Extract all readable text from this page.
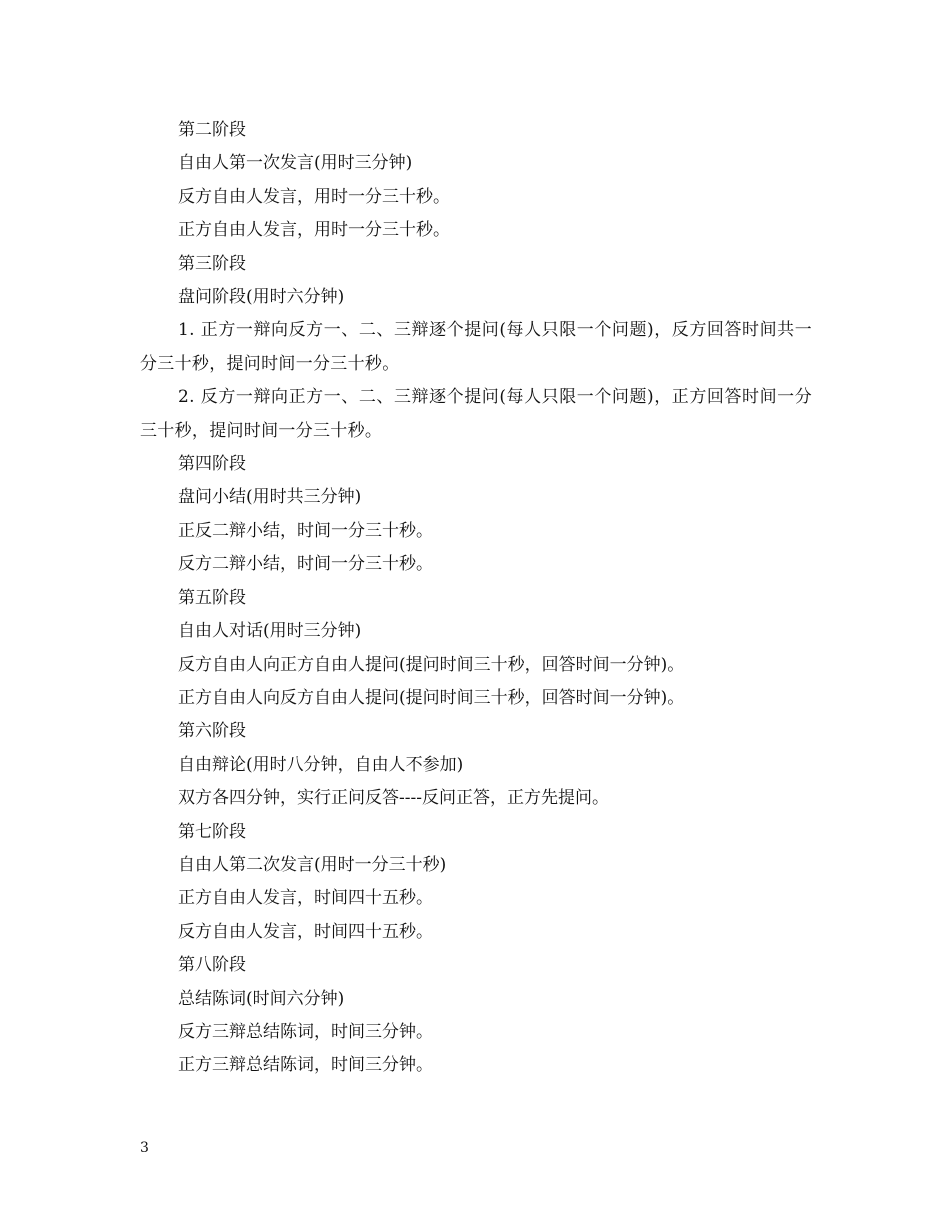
第二阶段
自由人第一次发言(用时三分钟)
反方自由人发言，用时一分三十秒。
正方自由人发言，用时一分三十秒。
第三阶段
盘问阶段(用时六分钟)
1. 正方一辩向反方一、二、三辩逐个提问(每人只限一个问题)，反方回答时间共一分三十秒，提问时间一分三十秒。
2. 反方一辩向正方一、二、三辩逐个提问(每人只限一个问题)，正方回答时间一分三十秒，提问时间一分三十秒。
第四阶段
盘问小结(用时共三分钟)
正反二辩小结，时间一分三十秒。
反方二辩小结，时间一分三十秒。
第五阶段
自由人对话(用时三分钟)
反方自由人向正方自由人提问(提问时间三十秒，回答时间一分钟)。
正方自由人向反方自由人提问(提问时间三十秒，回答时间一分钟)。
第六阶段
自由辩论(用时八分钟，自由人不参加)
双方各四分钟，实行正问反答----反问正答，正方先提问。
第七阶段
自由人第二次发言(用时一分三十秒)
正方自由人发言，时间四十五秒。
反方自由人发言，时间四十五秒。
第八阶段
总结陈词(时间六分钟)
反方三辩总结陈词，时间三分钟。
正方三辩总结陈词，时间三分钟。
3
